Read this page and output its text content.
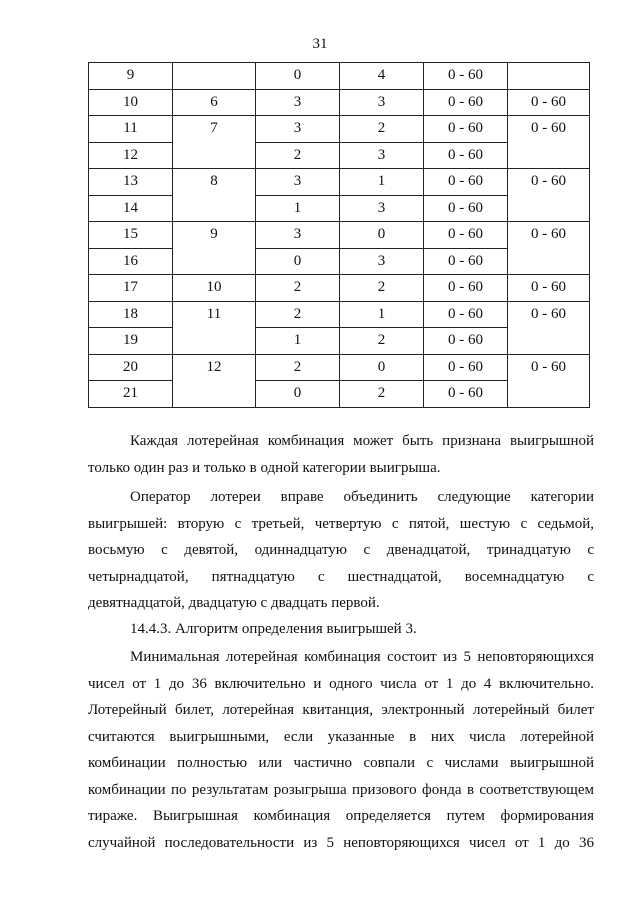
31
9		0	4	0 - 60	
10	6	3	3	0 - 60	0 - 60
11	7	3	2	0 - 60	0 - 60
12		2	3	0 - 60	
13	8	3	1	0 - 60	0 - 60
14		1	3	0 - 60	
15	9	3	0	0 - 60	0 - 60
16		0	3	0 - 60	
17	10	2	2	0 - 60	0 - 60
18	11	2	1	0 - 60	0 - 60
19		1	2	0 - 60	
20	12	2	0	0 - 60	0 - 60
21		0	2	0 - 60	

Каждая лотерейная комбинация может быть признана выигрышной

только один раз и только в одной категории выигрыша.

Оператор лотереи вправе объединить следующие категории

выигрышей: вторую с третьей, четвертую с пятой, шестую с седьмой,

восьмую с девятой, одиннадцатую с двенадцатой, тринадцатую с

четырнадцатой, пятнадцатую с шестнадцатой, восемнадцатую с

девятнадцатой, двадцатую с двадцать первой.

14.4.3. Алгоритм определения выигрышей 3.

Минимальная лотерейная комбинация состоит из 5 неповторяющихся

чисел от 1 до 36 включительно и одного числа от 1 до 4 включительно.

Лотерейный билет, лотерейная квитанция, электронный лотерейный билет

считаются выигрышными, если указанные в них числа лотерейной

комбинации полностью или частично совпали с числами выигрышной

комбинации по результатам розыгрыша призового фонда в соответствующем

тираже. Выигрышная комбинация определяется путем формирования

случайной последовательности из 5 неповторяющихся чисел от 1 до 36
